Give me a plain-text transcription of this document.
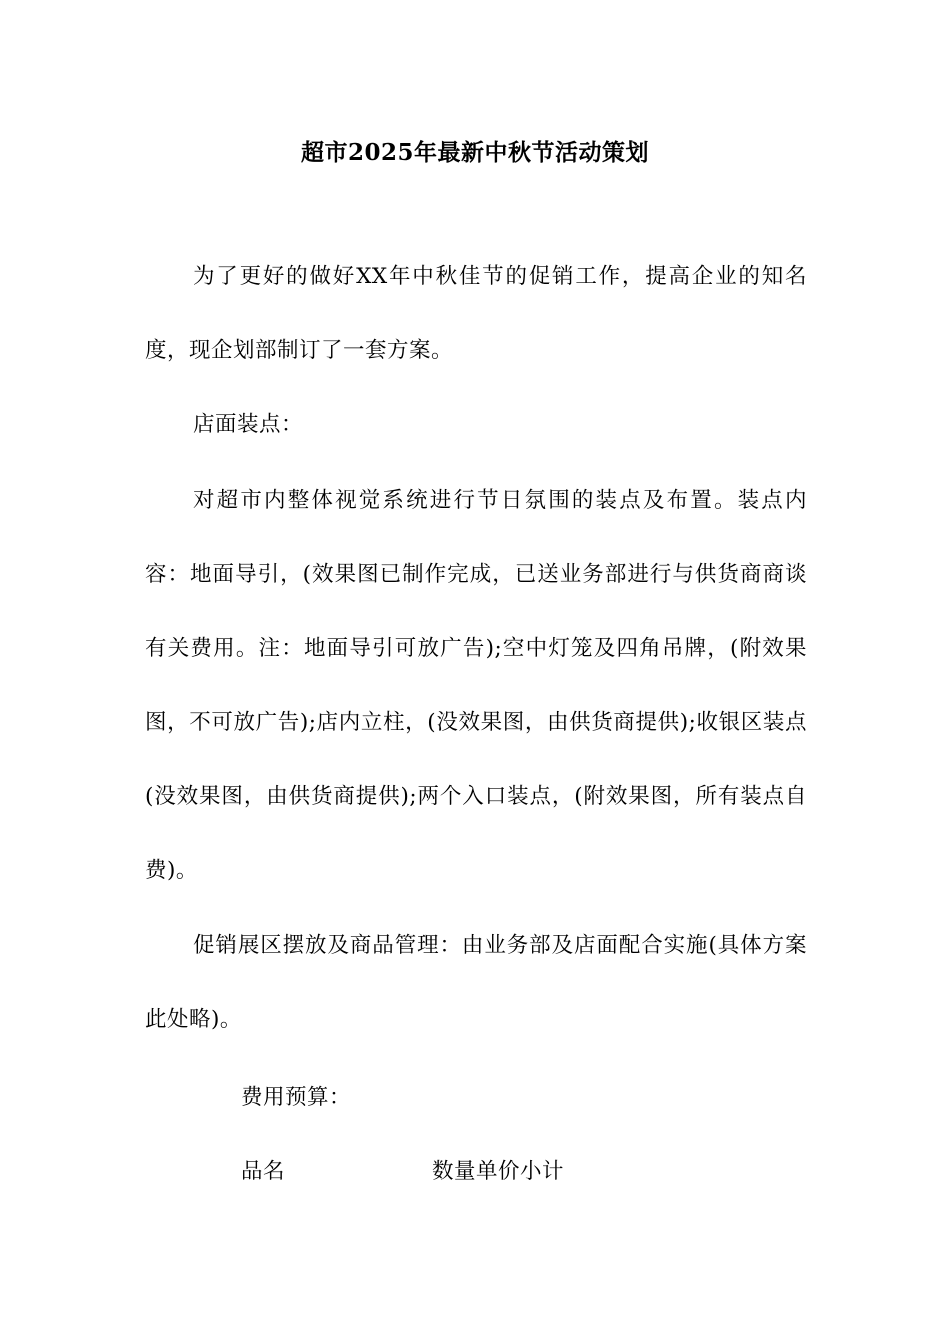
超市2025年最新中秋节活动策划

为了更好的做好XX年中秋佳节的促销工作，提高企业的知名度，现企划部制订了一套方案。

店面装点：

对超市内整体视觉系统进行节日氛围的装点及布置。装点内容：地面导引，(效果图已制作完成，已送业务部进行与供货商商谈有关费用。注：地面导引可放广告);空中灯笼及四角吊牌，(附效果图，不可放广告);店内立柱，(没效果图，由供货商提供);收银区装点(没效果图，由供货商提供);两个入口装点，(附效果图，所有装点自费)。

促销展区摆放及商品管理：由业务部及店面配合实施(具体方案此处略)。

费用预算：
品名	数量单价小计
